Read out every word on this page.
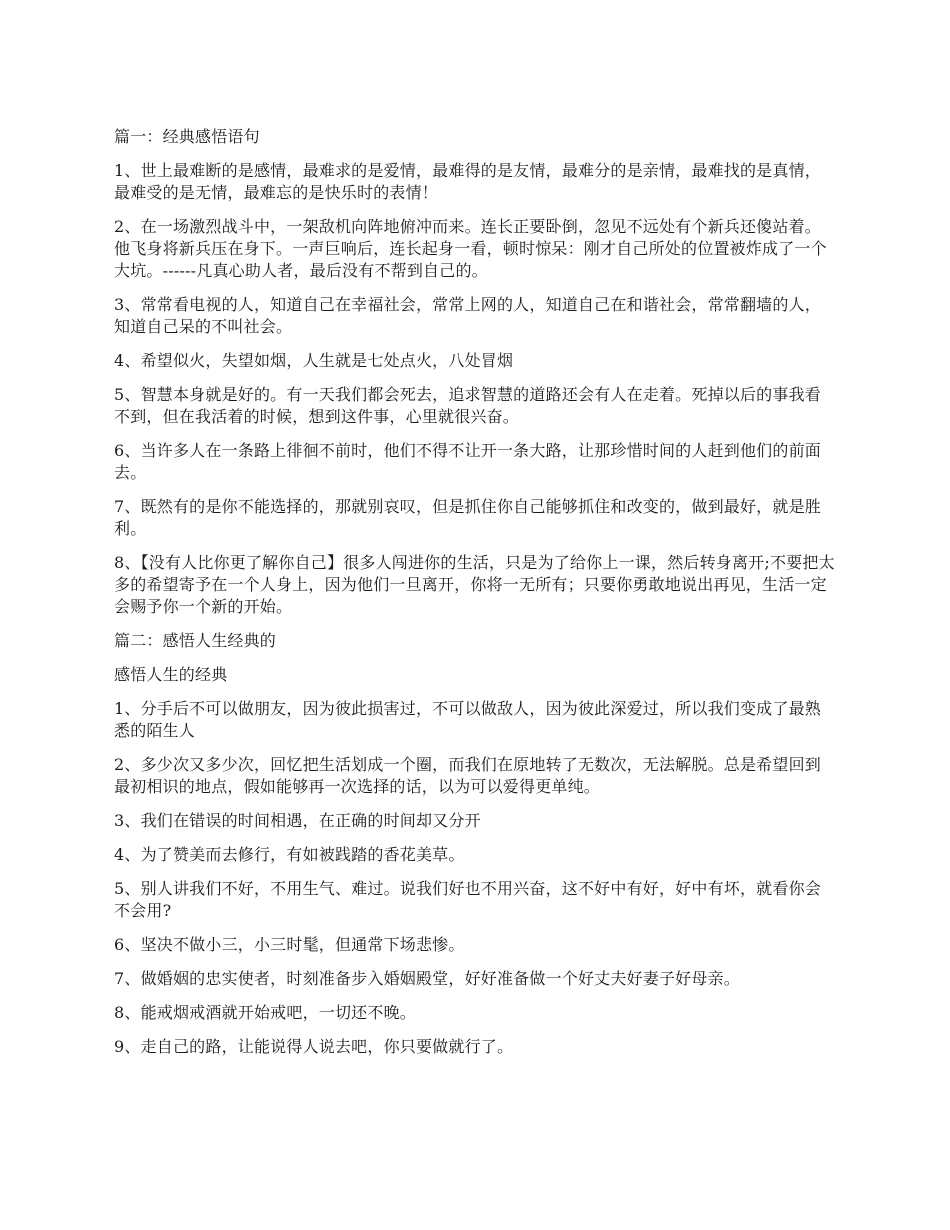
篇一：经典感悟语句

1、世上最难断的是感情，最难求的是爱情，最难得的是友情，最难分的是亲情，最难找的是真情，最难受的是无情，最难忘的是快乐时的表情！

2、在一场激烈战斗中，一架敌机向阵地俯冲而来。连长正要卧倒，忽见不远处有个新兵还傻站着。他飞身将新兵压在身下。一声巨响后，连长起身一看，顿时惊呆：刚才自己所处的位置被炸成了一个大坑。------凡真心助人者，最后没有不帮到自己的。

3、常常看电视的人，知道自己在幸福社会，常常上网的人，知道自己在和谐社会，常常翻墙的人，知道自己呆的不叫社会。

4、希望似火，失望如烟，人生就是七处点火，八处冒烟

5、智慧本身就是好的。有一天我们都会死去，追求智慧的道路还会有人在走着。死掉以后的事我看不到，但在我活着的时候，想到这件事，心里就很兴奋。

6、当许多人在一条路上徘徊不前时，他们不得不让开一条大路，让那珍惜时间的人赶到他们的前面去。

7、既然有的是你不能选择的，那就别哀叹，但是抓住你自己能够抓住和改变的，做到最好，就是胜利。

8、【没有人比你更了解你自己】很多人闯进你的生活，只是为了给你上一课，然后转身离开;不要把太多的希望寄予在一个人身上，因为他们一旦离开，你将一无所有；只要你勇敢地说出再见，生活一定会赐予你一个新的开始。

篇二：感悟人生经典的

感悟人生的经典

1、分手后不可以做朋友，因为彼此损害过，不可以做敌人，因为彼此深爱过，所以我们变成了最熟悉的陌生人

2、多少次又多少次，回忆把生活划成一个圈，而我们在原地转了无数次，无法解脱。总是希望回到最初相识的地点，假如能够再一次选择的话，以为可以爱得更单纯。

3、我们在错误的时间相遇，在正确的时间却又分开

4、为了赞美而去修行，有如被践踏的香花美草。

5、别人讲我们不好，不用生气、难过。说我们好也不用兴奋，这不好中有好，好中有坏，就看你会不会用?

6、坚决不做小三，小三时髦，但通常下场悲惨。

7、做婚姻的忠实使者，时刻准备步入婚姻殿堂，好好准备做一个好丈夫好妻子好母亲。

8、能戒烟戒酒就开始戒吧，一切还不晚。

9、走自己的路，让能说得人说去吧，你只要做就行了。
